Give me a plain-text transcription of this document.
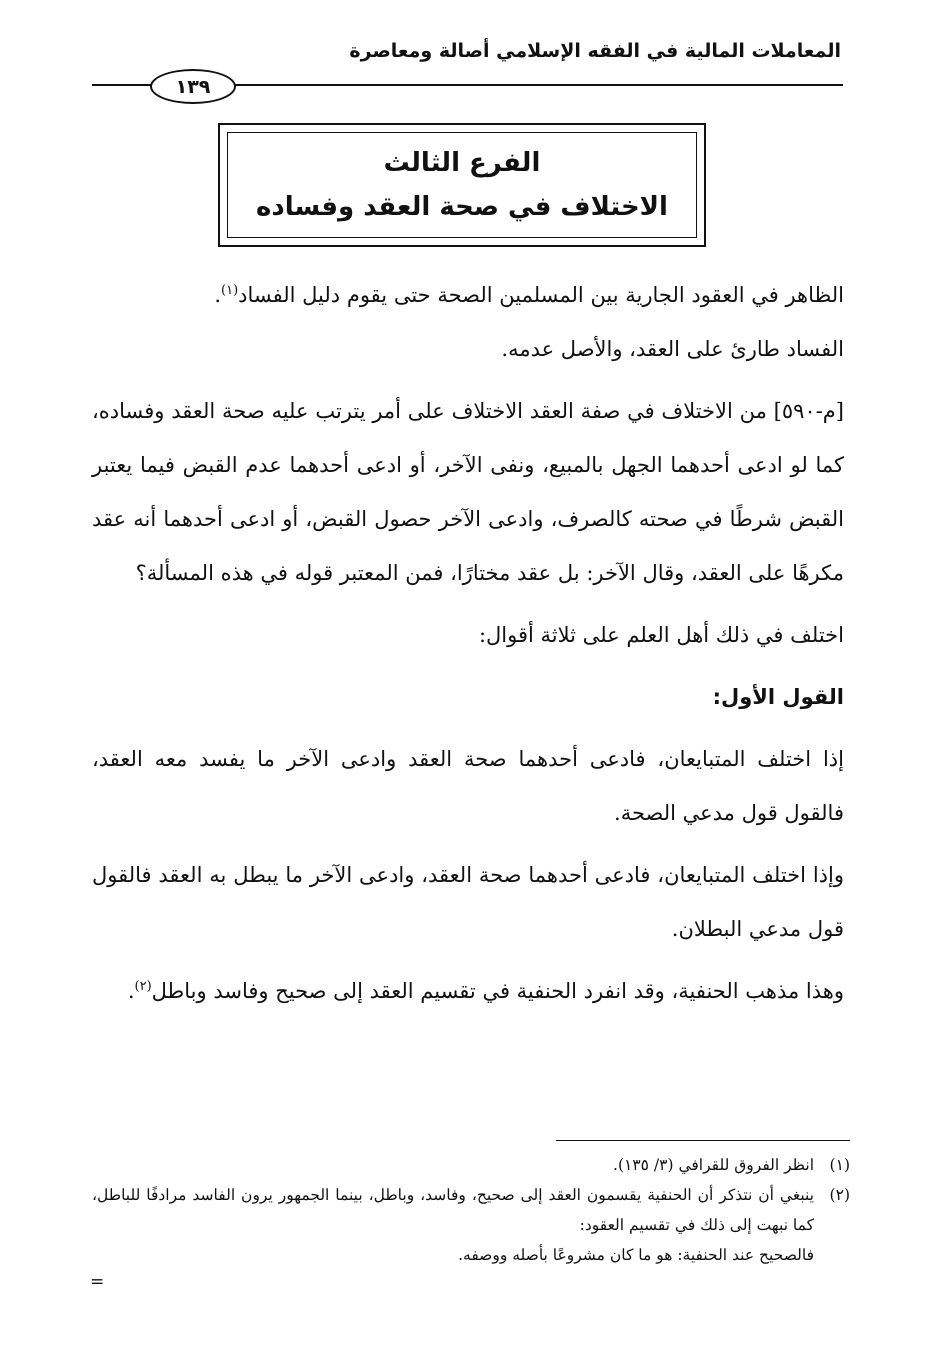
المعاملات المالية في الفقه الإسلامي أصالة ومعاصرة
١٣٩
الفرع الثالث
الاختلاف في صحة العقد وفساده

الظاهر في العقود الجارية بين المسلمين الصحة حتى يقوم دليل الفساد$^{(١)}$.

الفساد طارئ على العقد، والأصل عدمه.

[م-٥٩٠] من الاختلاف في صفة العقد الاختلاف على أمر يترتب عليه صحة العقد وفساده، كما لو ادعى أحدهما الجهل بالمبيع، ونفى الآخر، أو ادعى أحدهما عدم القبض فيما يعتبر القبض شرطًا في صحته كالصرف، وادعى الآخر حصول القبض، أو ادعى أحدهما أنه عقد مكرهًا على العقد، وقال الآخر: بل عقد مختارًا، فمن المعتبر قوله في هذه المسألة؟

اختلف في ذلك أهل العلم على ثلاثة أقوال:

القول الأول:

إذا اختلف المتبايعان، فادعى أحدهما صحة العقد وادعى الآخر ما يفسد معه العقد، فالقول قول مدعي الصحة.

وإذا اختلف المتبايعان، فادعى أحدهما صحة العقد، وادعى الآخر ما يبطل به العقد فالقول قول مدعي البطلان.

وهذا مذهب الحنفية، وقد انفرد الحنفية في تقسيم العقد إلى صحيح وفاسد وباطل$^{(٢)}$.

(١)
انظر الفروق للقرافي (٣/ ١٣٥).
(٢)
ينبغي أن نتذكر أن الحنفية يقسمون العقد إلى صحيح، وفاسد، وباطل، بينما الجمهور يرون الفاسد مرادفًا للباطل، كما نبهت إلى ذلك في تقسيم العقود:
فالصحيح عند الحنفية: هو ما كان مشروعًا بأصله ووصفه.
=
